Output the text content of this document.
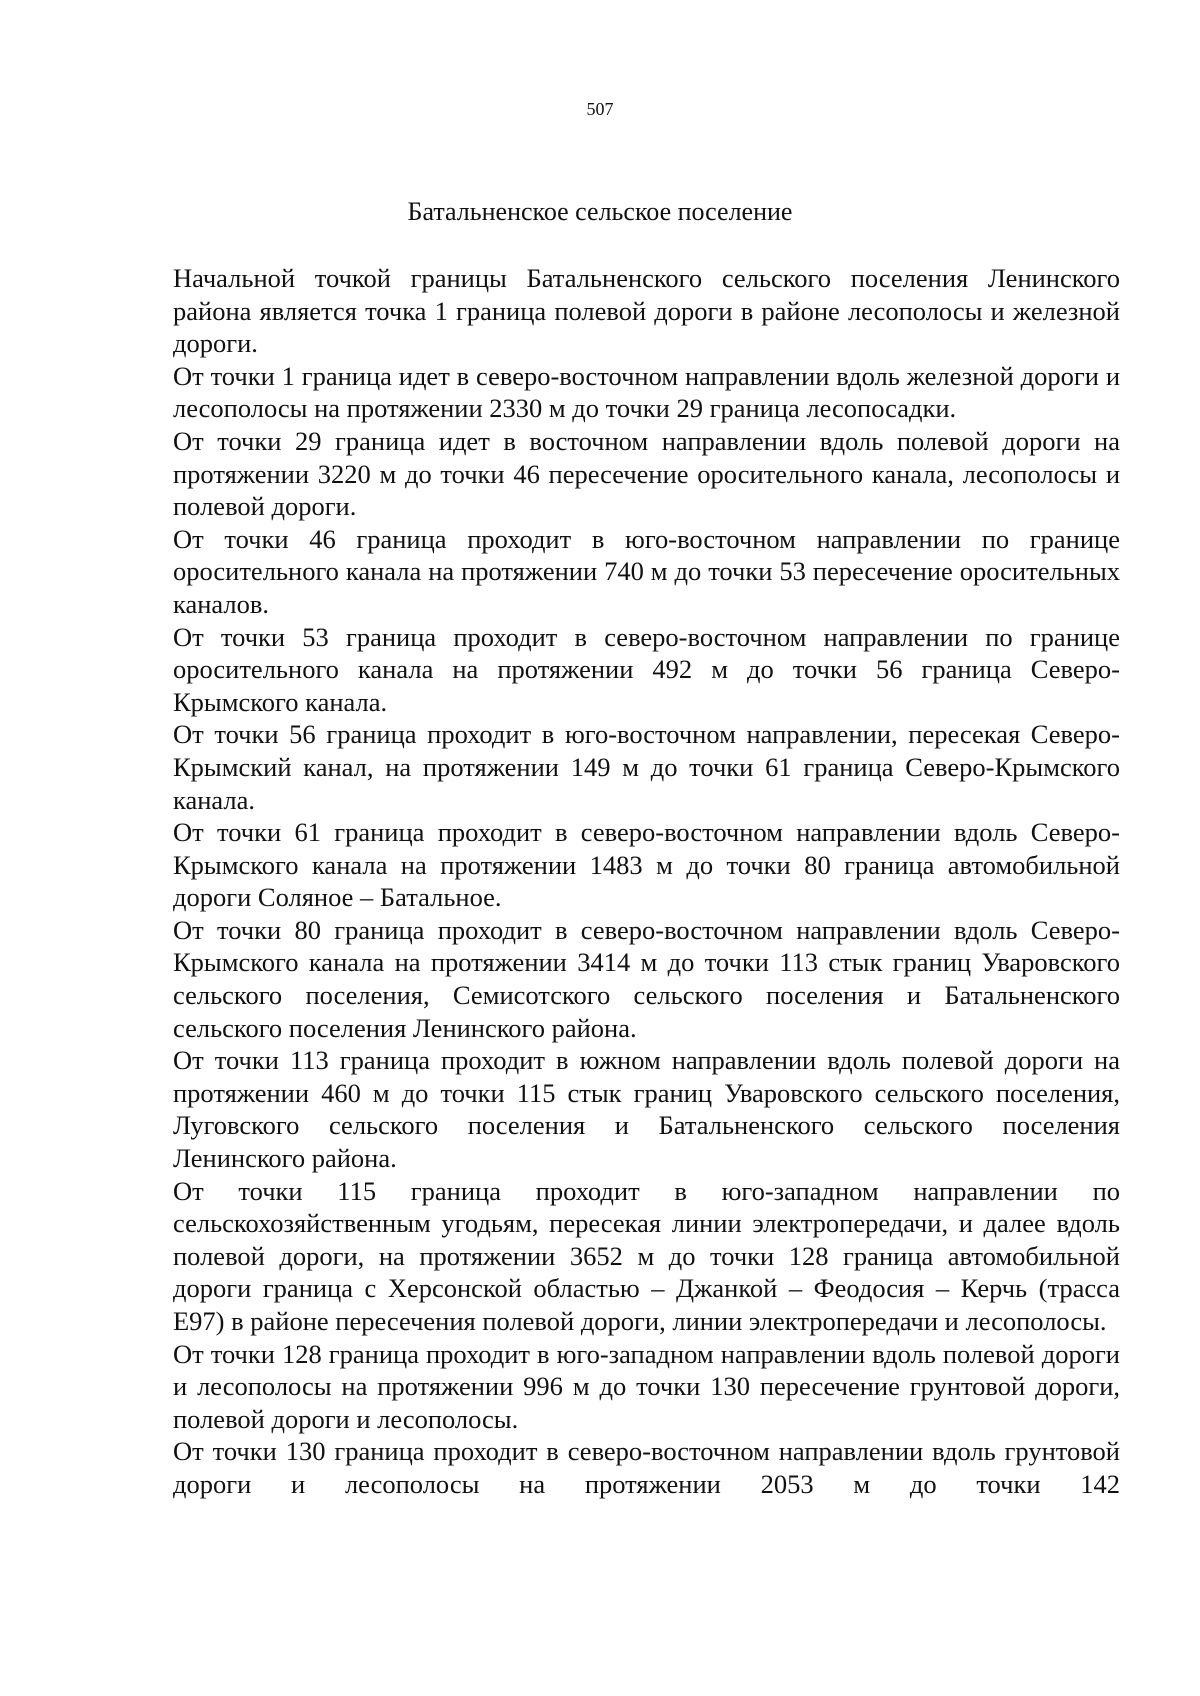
507
Батальненское сельское поселение

Начальной точкой границы Батальненского сельского поселения Ленинского района является точка 1 граница полевой дороги в районе лесополосы и железной дороги.

От точки 1 граница идет в северо-восточном направлении вдоль железной дороги и лесополосы на протяжении 2330 м до точки 29 граница лесопосадки.

От точки 29 граница идет в восточном направлении вдоль полевой дороги на протяжении 3220 м до точки 46 пересечение оросительного канала, лесополосы и полевой дороги.

От точки 46 граница проходит в юго-восточном направлении по границе оросительного канала на протяжении 740 м до точки 53 пересечение оросительных каналов.

От точки 53 граница проходит в северо-восточном направлении по границе оросительного канала на протяжении 492 м до точки 56 граница Северо-Крымского канала.

От точки 56 граница проходит в юго-восточном направлении, пересекая Северо-Крымский канал, на протяжении 149 м до точки 61 граница Северо-Крымского канала.

От точки 61 граница проходит в северо-восточном направлении вдоль Северо-Крымского канала на протяжении 1483 м до точки 80 граница автомобильной дороги Соляное – Батальное.

От точки 80 граница проходит в северо-восточном направлении вдоль Северо-Крымского канала на протяжении 3414 м до точки 113 стык границ Уваровского сельского поселения, Семисотского сельского поселения и Батальненского сельского поселения Ленинского района.

От точки 113 граница проходит в южном направлении вдоль полевой дороги на протяжении 460 м до точки 115 стык границ Уваровского сельского поселения, Луговского сельского поселения и Батальненского сельского поселения Ленинского района.

От точки 115 граница проходит в юго-западном направлении по сельскохозяйственным угодьям, пересекая линии электропередачи, и далее вдоль полевой дороги, на протяжении 3652 м до точки 128 граница автомобильной дороги граница с Херсонской областью – Джанкой – Феодосия – Керчь (трасса Е97) в районе пересечения полевой дороги, линии электропередачи и лесополосы.

От точки 128 граница проходит в юго-западном направлении вдоль полевой дороги и лесополосы на протяжении 996 м до точки 130 пересечение грунтовой дороги, полевой дороги и лесополосы.

От точки 130 граница проходит в северо-восточном направлении вдоль грунтовой дороги и лесополосы на протяжении 2053 м до точки 142
